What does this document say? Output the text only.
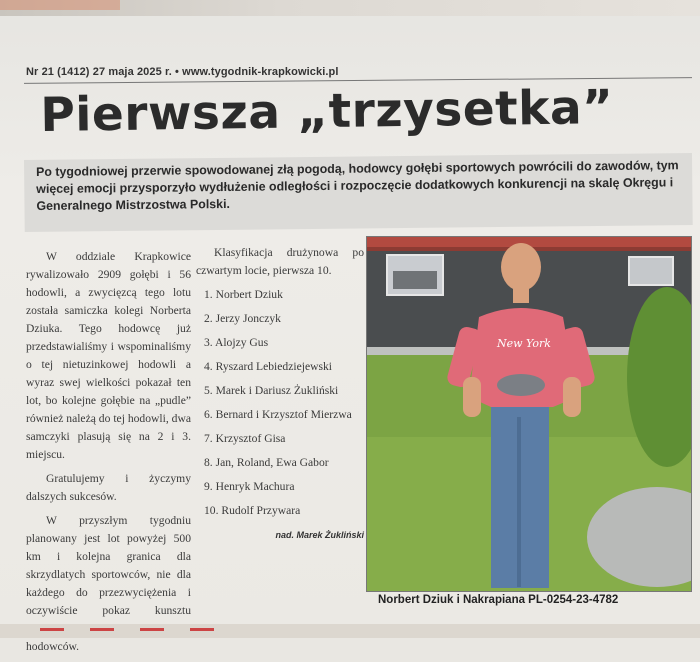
Nr 21 (1412) 27 maja 2025 r. • www.tygodnik-krapkowicki.pl
Pierwsza „trzysetka”
Po tygodniowej przerwie spowodowanej złą pogodą, hodowcy gołębi sportowych powrócili do zawodów, tym więcej emocji przysporzyło wydłużenie odległości i rozpoczęcie dodatkowych konkurencji na skalę Okręgu i Generalnego Mistrzostwa Polski.

W oddziale Krapkowice rywalizowało 2909 gołębi i 56 hodowli, a zwycięzcą tego lotu została samiczka kolegi Norberta Dziuka. Tego hodowcę już przedstawialiśmy i wspominaliśmy o tej nietuzinkowej hodowli a wyraz swej wielkości pokazał ten lot, bo kolejne gołębie na „pudle” również należą do tej hodowli, dwa samczyki plasują się na 2 i 3. miejscu.

Gratulujemy i życzymy dalszych sukcesów.

W przyszłym tygodniu planowany jest lot powyżej 500 km i kolejna granica dla skrzydlatych sportowców, nie dla każdego do przezwyciężenia i oczywiście pokaz kunsztu hodowców.

Klasyfikacja drużynowa po czwartym locie, pierwsza 10.

1. Norbert Dziuk
2. Jerzy Jonczyk
3. Alojzy Gus
4. Ryszard Lebiedziejewski
5. Marek i Dariusz Żukliński
6. Bernard i Krzysztof Mierzwa
7. Krzysztof Gisa
8. Jan, Roland, Ewa Gabor
9. Henryk Machura
10. Rudolf Przywara
nad. Marek Żukliński
New York
Norbert Dziuk i Nakrapiana PL-0254-23-4782
